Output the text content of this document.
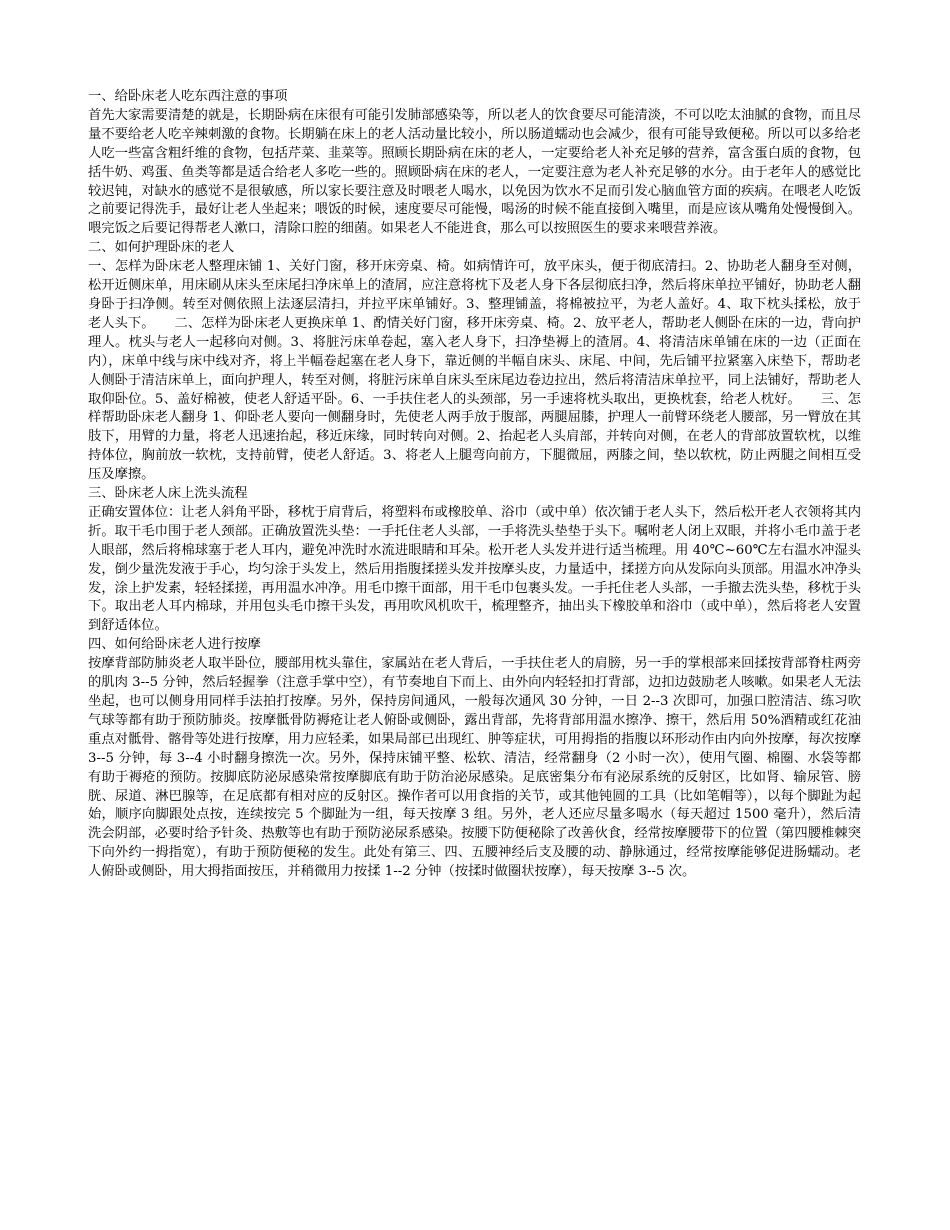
一、给卧床老人吃东西注意的事项
首先大家需要清楚的就是，长期卧病在床很有可能引发肺部感染等，所以老人的饮食要尽可能清淡，不可以吃太油腻的食物，而且尽量不要给老人吃辛辣刺激的食物。长期躺在床上的老人活动量比较小，所以肠道蠕动也会减少，很有可能导致便秘。所以可以多给老人吃一些富含粗纤维的食物，包括芹菜、韭菜等。照顾长期卧病在床的老人，一定要给老人补充足够的营养，富含蛋白质的食物，包括牛奶、鸡蛋、鱼类等都是适合给老人多吃一些的。照顾卧病在床的老人，一定要注意为老人补充足够的水分。由于老年人的感觉比较迟钝，对缺水的感觉不是很敏感，所以家长要注意及时喂老人喝水，以免因为饮水不足而引发心脑血管方面的疾病。在喂老人吃饭之前要记得洗手，最好让老人坐起来；喂饭的时候，速度要尽可能慢，喝汤的时候不能直接倒入嘴里，而是应该从嘴角处慢慢倒入。喂完饭之后要记得帮老人漱口，清除口腔的细菌。如果老人不能进食，那么可以按照医生的要求来喂营养液。
二、如何护理卧床的老人
一、怎样为卧床老人整理床铺 1、关好门窗，移开床旁桌、椅。如病情许可，放平床头，便于彻底清扫。2、协助老人翻身至对侧，松开近侧床单，用床刷从床头至床尾扫净床单上的渣屑，应注意将枕下及老人身下各层彻底扫净，然后将床单拉平铺好，协助老人翻身卧于扫净侧。转至对侧依照上法逐层清扫，并拉平床单铺好。3、整理铺盖，将棉被拉平，为老人盖好。4、取下枕头揉松，放于老人头下。　　二、怎样为卧床老人更换床单 1、酌情关好门窗，移开床旁桌、椅。2、放平老人，帮助老人侧卧在床的一边，背向护理人。枕头与老人一起移向对侧。3、将脏污床单卷起，塞入老人身下，扫净垫褥上的渣屑。4、将清洁床单铺在床的一边（正面在内），床单中线与床中线对齐，将上半幅卷起塞在老人身下，靠近侧的半幅自床头、床尾、中间，先后铺平拉紧塞入床垫下，帮助老人侧卧于清洁床单上，面向护理人，转至对侧，将脏污床单自床头至床尾边卷边拉出，然后将清洁床单拉平，同上法铺好，帮助老人取仰卧位。5、盖好棉被，使老人舒适平卧。6、一手扶住老人的头颈部，另一手速将枕头取出，更换枕套，给老人枕好。　　三、怎样帮助卧床老人翻身 1、仰卧老人要向一侧翻身时，先使老人两手放于腹部，两腿屈膝，护理人一前臂环绕老人腰部，另一臂放在其肢下，用臂的力量，将老人迅速抬起，移近床缘，同时转向对侧。2、抬起老人头肩部，并转向对侧，在老人的背部放置软枕，以维持体位，胸前放一软枕，支持前臂，使老人舒适。3、将老人上腿弯向前方，下腿微屈，两膝之间，垫以软枕，防止两腿之间相互受压及摩擦。
三、卧床老人床上洗头流程
正确安置体位：让老人斜角平卧，移枕于肩背后，将塑料布或橡胶单、浴巾（或中单）依次铺于老人头下，然后松开老人衣领将其内折。取干毛巾围于老人颈部。正确放置洗头垫：一手托住老人头部，一手将洗头垫垫于头下。嘱咐老人闭上双眼，并将小毛巾盖于老人眼部，然后将棉球塞于老人耳内，避免冲洗时水流进眼睛和耳朵。松开老人头发并进行适当梳理。用 40℃~60℃左右温水冲湿头发，倒少量洗发液于手心，均匀涂于头发上，然后用指腹揉搓头发并按摩头皮，力量适中，揉搓方向从发际向头顶部。用温水冲净头发，涂上护发素，轻轻揉搓，再用温水冲净。用毛巾擦干面部，用干毛巾包裹头发。一手托住老人头部，一手撤去洗头垫，移枕于头下。取出老人耳内棉球，并用包头毛巾擦干头发，再用吹风机吹干，梳理整齐，抽出头下橡胶单和浴巾（或中单），然后将老人安置到舒适体位。
四、如何给卧床老人进行按摩
按摩背部防肺炎老人取半卧位，腰部用枕头靠住，家属站在老人背后，一手扶住老人的肩膀，另一手的掌根部来回揉按背部脊柱两旁的肌肉 3--5 分钟，然后轻握拳（注意手掌中空），有节奏地自下而上、由外向内轻轻扣打背部，边扣边鼓励老人咳嗽。如果老人无法坐起，也可以侧身用同样手法拍打按摩。另外，保持房间通风，一般每次通风 30 分钟，一日 2--3 次即可，加强口腔清洁、练习吹气球等都有助于预防肺炎。按摩骶骨防褥疮让老人俯卧或侧卧，露出背部，先将背部用温水擦净、擦干，然后用 50%酒精或红花油重点对骶骨、髂骨等处进行按摩，用力应轻柔，如果局部已出现红、肿等症状，可用拇指的指腹以环形动作由内向外按摩，每次按摩 3--5 分钟，每 3--4 小时翻身擦洗一次。另外，保持床铺平整、松软、清洁，经常翻身（2 小时一次），使用气圈、棉圈、水袋等都有助于褥疮的预防。按脚底防泌尿感染常按摩脚底有助于防治泌尿感染。足底密集分布有泌尿系统的反射区，比如肾、输尿管、膀胱、尿道、淋巴腺等，在足底都有相对应的反射区。操作者可以用食指的关节，或其他钝圆的工具（比如笔帽等），以每个脚趾为起始，顺序向脚跟处点按，连续按完 5 个脚趾为一组，每天按摩 3 组。另外，老人还应尽量多喝水（每天超过 1500 毫升），然后清洗会阴部，必要时给予针灸、热敷等也有助于预防泌尿系感染。按腰下防便秘除了改善伙食，经常按摩腰带下的位置（第四腰椎棘突下向外约一拇指宽），有助于预防便秘的发生。此处有第三、四、五腰神经后支及腰的动、静脉通过，经常按摩能够促进肠蠕动。老人俯卧或侧卧，用大拇指面按压，并稍微用力按揉 1--2 分钟（按揉时做圈状按摩），每天按摩 3--5 次。
